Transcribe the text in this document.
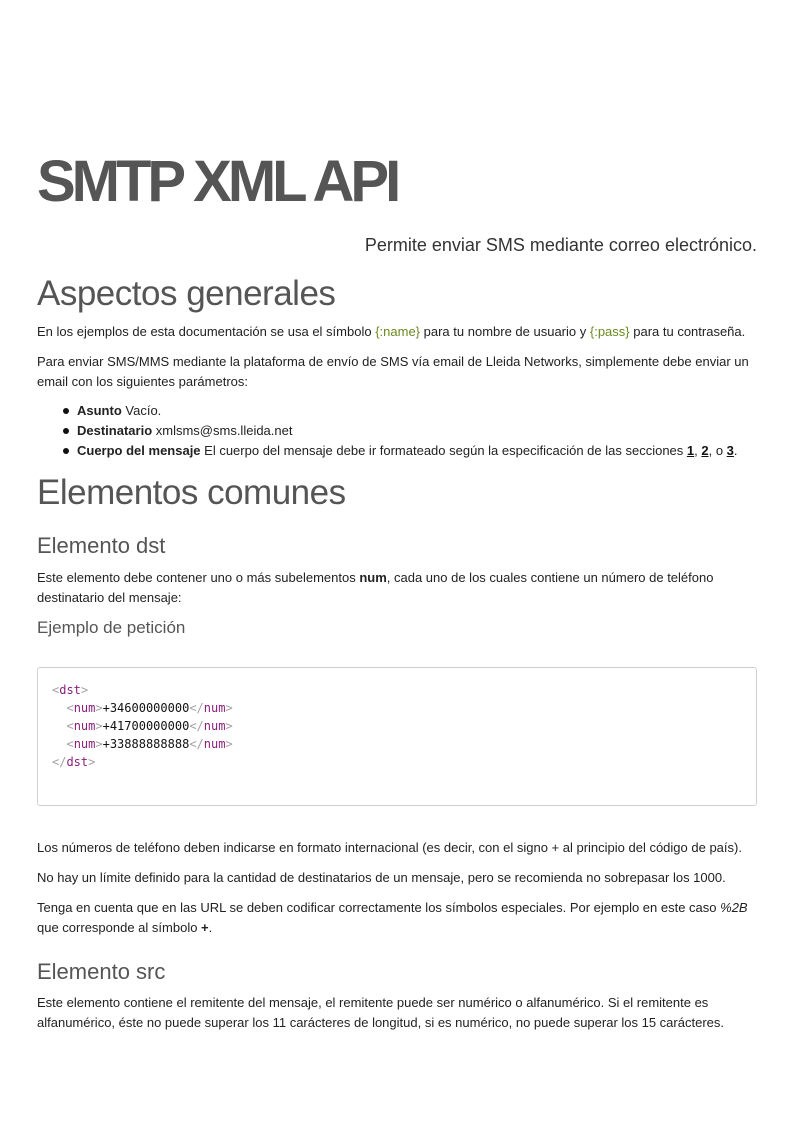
SMTP XML API
Permite enviar SMS mediante correo electrónico.
Aspectos generales

En los ejemplos de esta documentación se usa el símbolo {:name} para tu nombre de usuario y {:pass} para tu contraseña.

Para enviar SMS/MMS mediante la plataforma de envío de SMS vía email de Lleida Networks, simplemente debe enviar un email con los siguientes parámetros:

Asunto Vacío.
Destinatario xmlsms@sms.lleida.net
Cuerpo del mensaje El cuerpo del mensaje debe ir formateado según la especificación de las secciones 1, 2, o 3.
Elementos comunes
Elemento dst

Este elemento debe contener uno o más subelementos num, cada uno de los cuales contiene un número de teléfono destinatario del mensaje:

Ejemplo de petición
<dst>
<num>+34600000000</num>
<num>+41700000000</num>
<num>+33888888888</num>
</dst>

Los números de teléfono deben indicarse en formato internacional (es decir, con el signo + al principio del código de país).

No hay un límite definido para la cantidad de destinatarios de un mensaje, pero se recomienda no sobrepasar los 1000.

Tenga en cuenta que en las URL se deben codificar correctamente los símbolos especiales. Por ejemplo en este caso %2B que corresponde al símbolo +.

Elemento src

Este elemento contiene el remitente del mensaje, el remitente puede ser numérico o alfanumérico. Si el remitente es alfanumérico, éste no puede superar los 11 carácteres de longitud, si es numérico, no puede superar los 15 carácteres.
